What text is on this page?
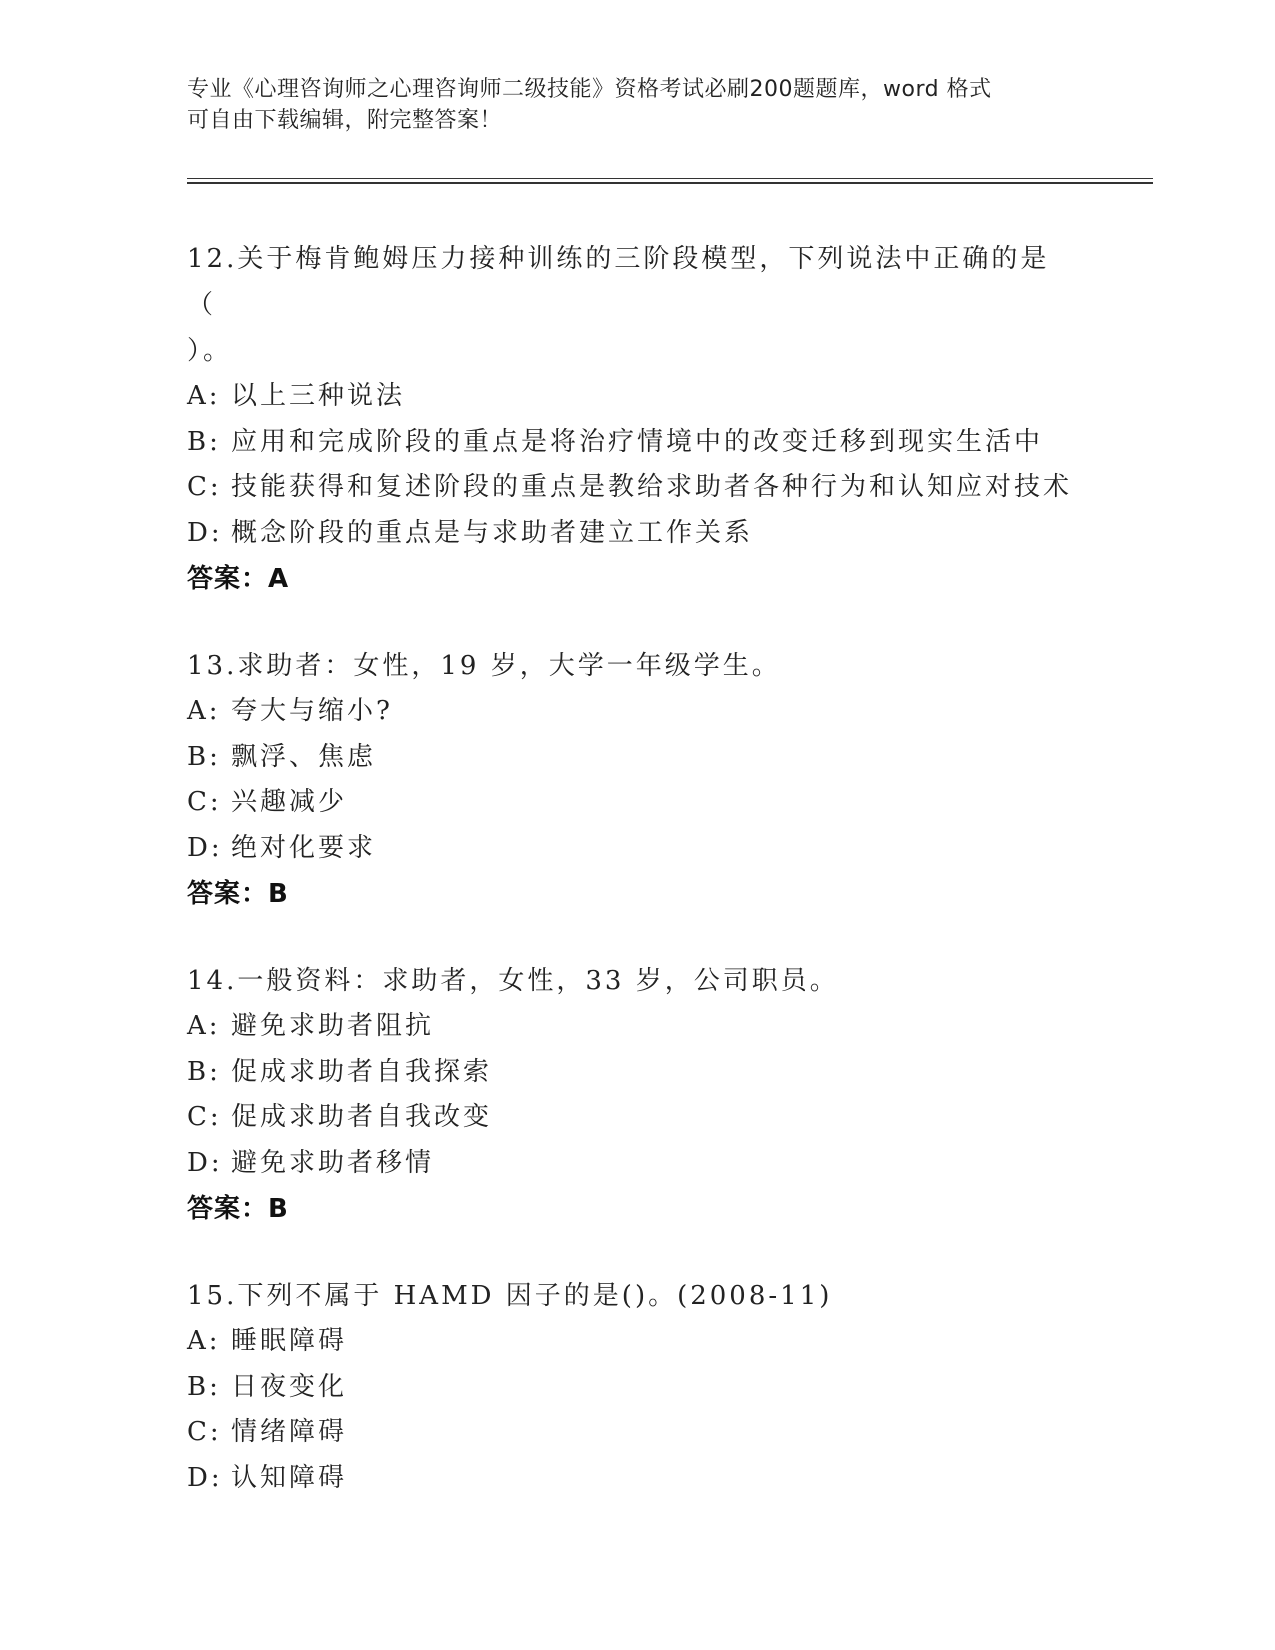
专业《心理咨询师之心理咨询师二级技能》资格考试必刷200题题库，word 格式
可自由下载编辑，附完整答案！
12.关于梅肯鲍姆压力接种训练的三阶段模型，下列说法中正确的是（
）。
A: 以上三种说法
B: 应用和完成阶段的重点是将治疗情境中的改变迁移到现实生活中
C: 技能获得和复述阶段的重点是教给求助者各种行为和认知应对技术
D: 概念阶段的重点是与求助者建立工作关系
答案：A
13.求助者：女性，19 岁，大学一年级学生。
A: 夸大与缩小?
B: 飘浮、焦虑
C: 兴趣减少
D: 绝对化要求
答案：B
14.一般资料：求助者，女性，33 岁，公司职员。
A: 避免求助者阻抗
B: 促成求助者自我探索
C: 促成求助者自我改变
D: 避免求助者移情
答案：B
15.下列不属于 HAMD 因子的是()。(2008-11)
A: 睡眠障碍
B: 日夜变化
C: 情绪障碍
D: 认知障碍
